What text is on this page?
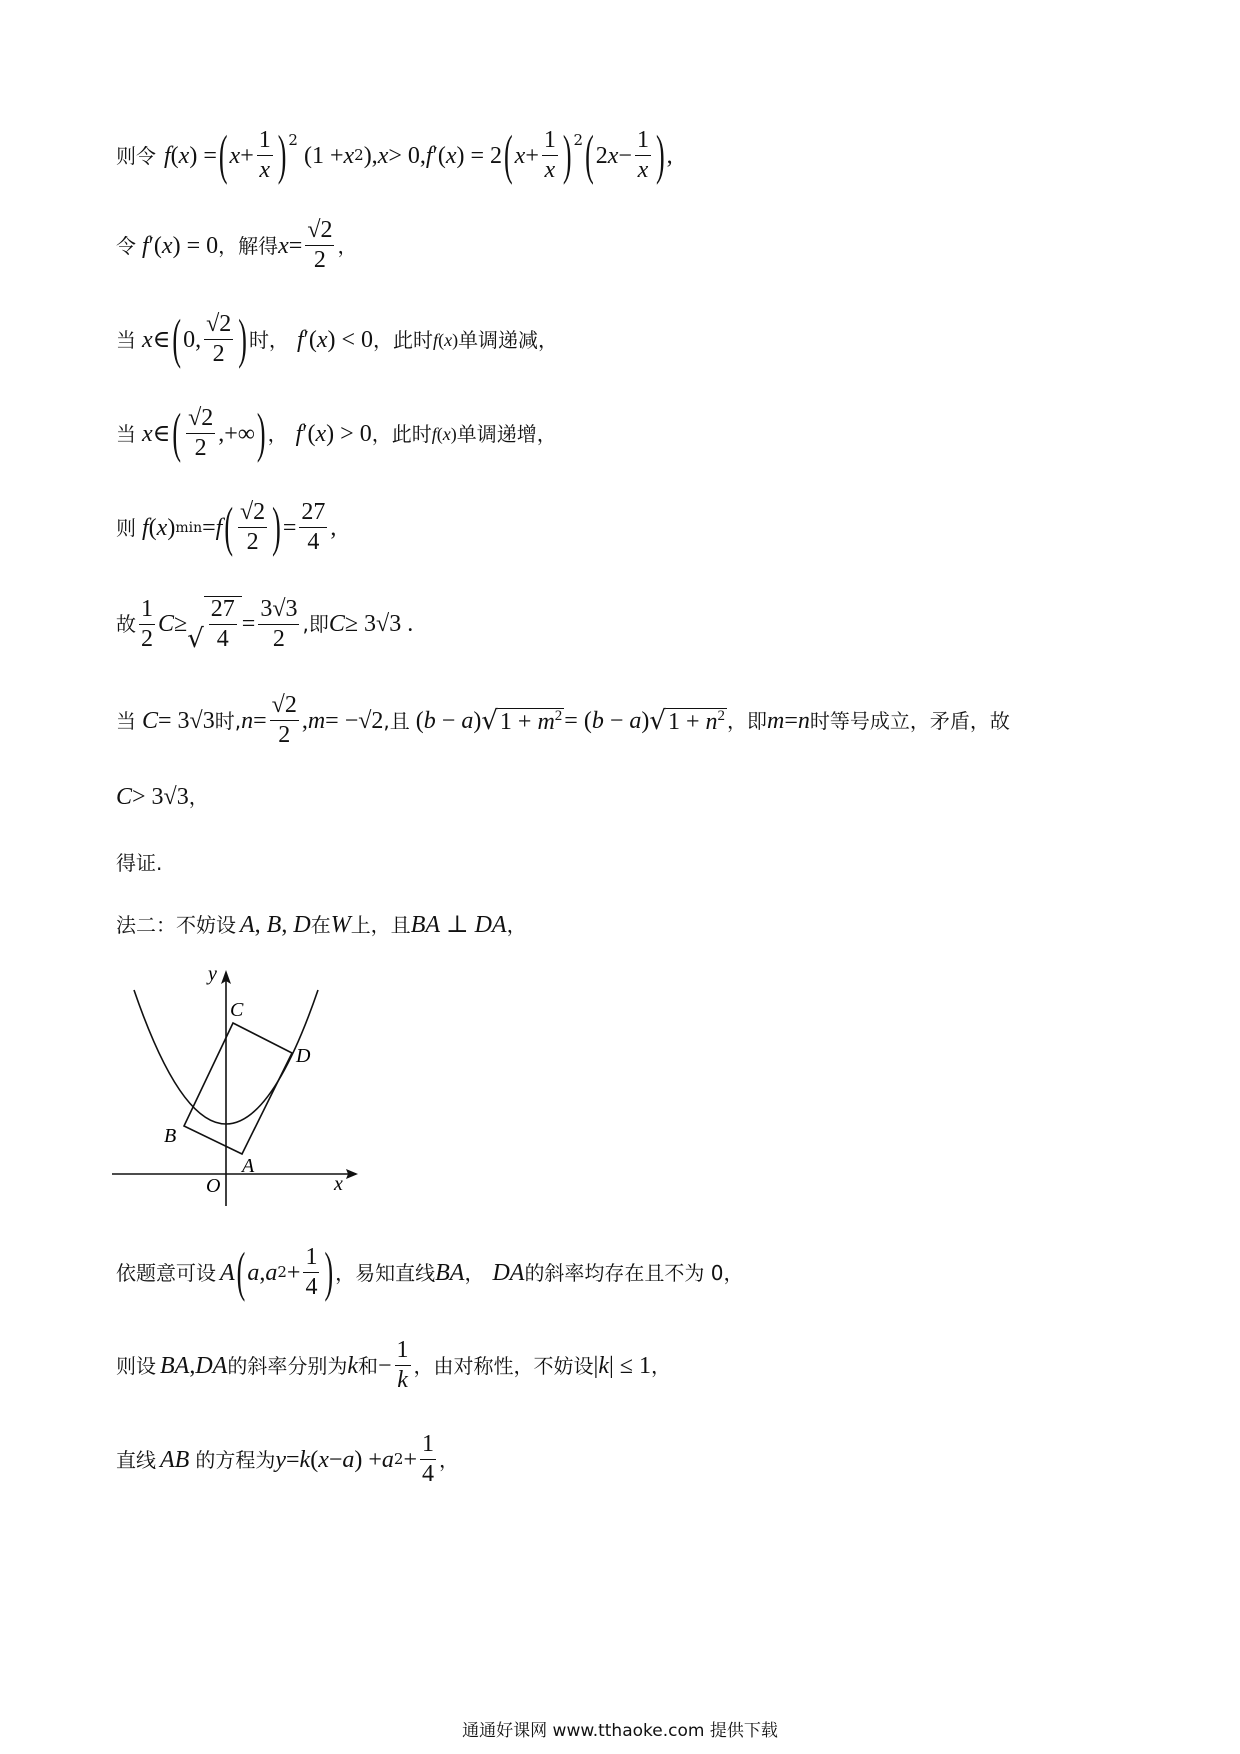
则令 f ( x ) = ( $x + \frac{1}{x}$ ) 2
(1 + x 2 ), x > 0, f ′( x ) = 2 ( $x + \frac{1}{x}$ ) 2 ( 2 $x - \frac{1}{x}$ ) ,
令 f ′( x ) = 0 ，解得 $x = \frac{√2}{2}$ ，
当 x ∈ ( 0, $\frac{√2}{2}$ ) 时， f ′( x ) < 0 ，此时 f(x) 单调递减，
当 x ∈ ( $\frac{√2}{2}$ ,+∞ ) ， f ′( x ) > 0 ，此时 f(x) 单调递增，
则 f ( x ) min = f ( $\frac{√2}{2}$ ) = $\frac{27}{4}$ ,
故 $\frac{1}{2}$ C ≥
√ $\frac{27}{4} = \frac{3√3}{2}$ ,即 C ≥ 3√3 .
当 C = 3√3 时, $n = \frac{√2}{2}$ , m = −√2 ,且 (b − a) √ $1 + m^2 = (b - a)$ √ $1 + n^2$ ，即 m = n 时等号成立，矛盾，故
C > 3√3 ，
得证.
法二：不妨设 A, B, D 在 W 上，且 BA ⊥ DA ，
y
x
O
A
B
C
D
依题意可设 A ( a , a $2 + \frac{1}{4}$ ) ，易知直线 BA ， DA 的斜率均存在且不为 0，
则设 BA , DA 的斜率分别为 k 和 − $\frac{1}{k}$ ，由对称性，不妨设 |k| ≤ 1 ，
直线 AB 的方程为 y = k ( x − a ) + a $2 + \frac{1}{4}$ ，
通通好课网 www.tthaoke.com 提供下载
